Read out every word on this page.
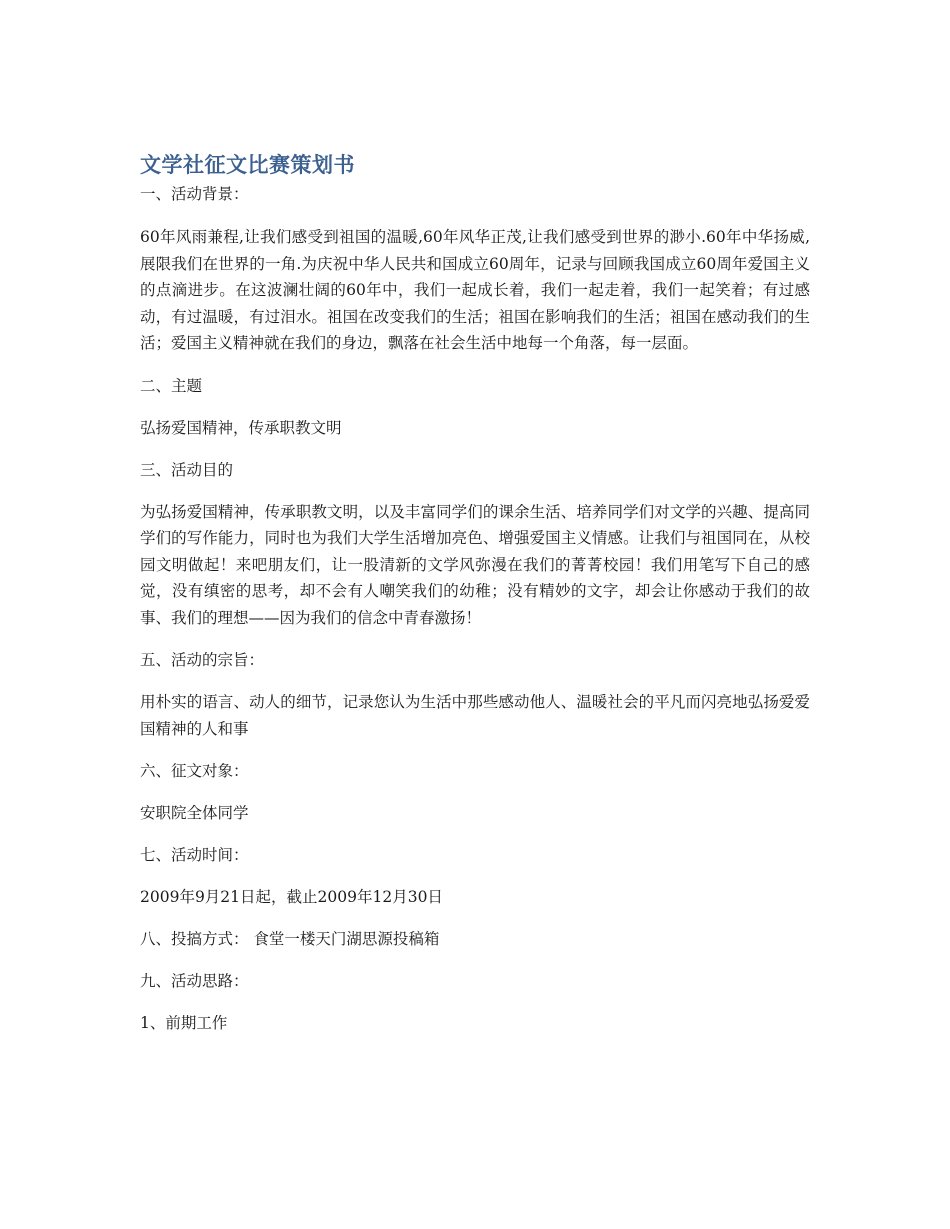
文学社征文比赛策划书
一、活动背景：
60年风雨兼程,让我们感受到祖国的温暖,60年风华正茂,让我们感受到世界的渺小.60年中华扬威,展限我们在世界的一角.为庆祝中华人民共和国成立60周年，记录与回顾我国成立60周年爱国主义的点滴进步。在这波澜壮阔的60年中，我们一起成长着，我们一起走着，我们一起笑着；有过感动，有过温暖，有过泪水。祖国在改变我们的生活；祖国在影响我们的生活；祖国在感动我们的生活；爱国主义精神就在我们的身边，飘落在社会生活中地每一个角落，每一层面。
二、主题
弘扬爱国精神，传承职教文明
三、活动目的
为弘扬爱国精神，传承职教文明，以及丰富同学们的课余生活、培养同学们对文学的兴趣、提高同学们的写作能力，同时也为我们大学生活增加亮色、增强爱国主义情感。让我们与祖国同在，从校园文明做起！来吧朋友们，让一股清新的文学风弥漫在我们的菁菁校园！我们用笔写下自己的感觉，没有缜密的思考，却不会有人嘲笑我们的幼稚；没有精妙的文字，却会让你感动于我们的故事、我们的理想——因为我们的信念中青春激扬！
五、活动的宗旨：
用朴实的语言、动人的细节，记录您认为生活中那些感动他人、温暖社会的平凡而闪亮地弘扬爱爱国精神的人和事
六、征文对象：
安职院全体同学
七、活动时间：
2009年9月21日起，截止2009年12月30日
八、投搞方式： 食堂一楼天门湖思源投稿箱
九、活动思路：
1、前期工作
